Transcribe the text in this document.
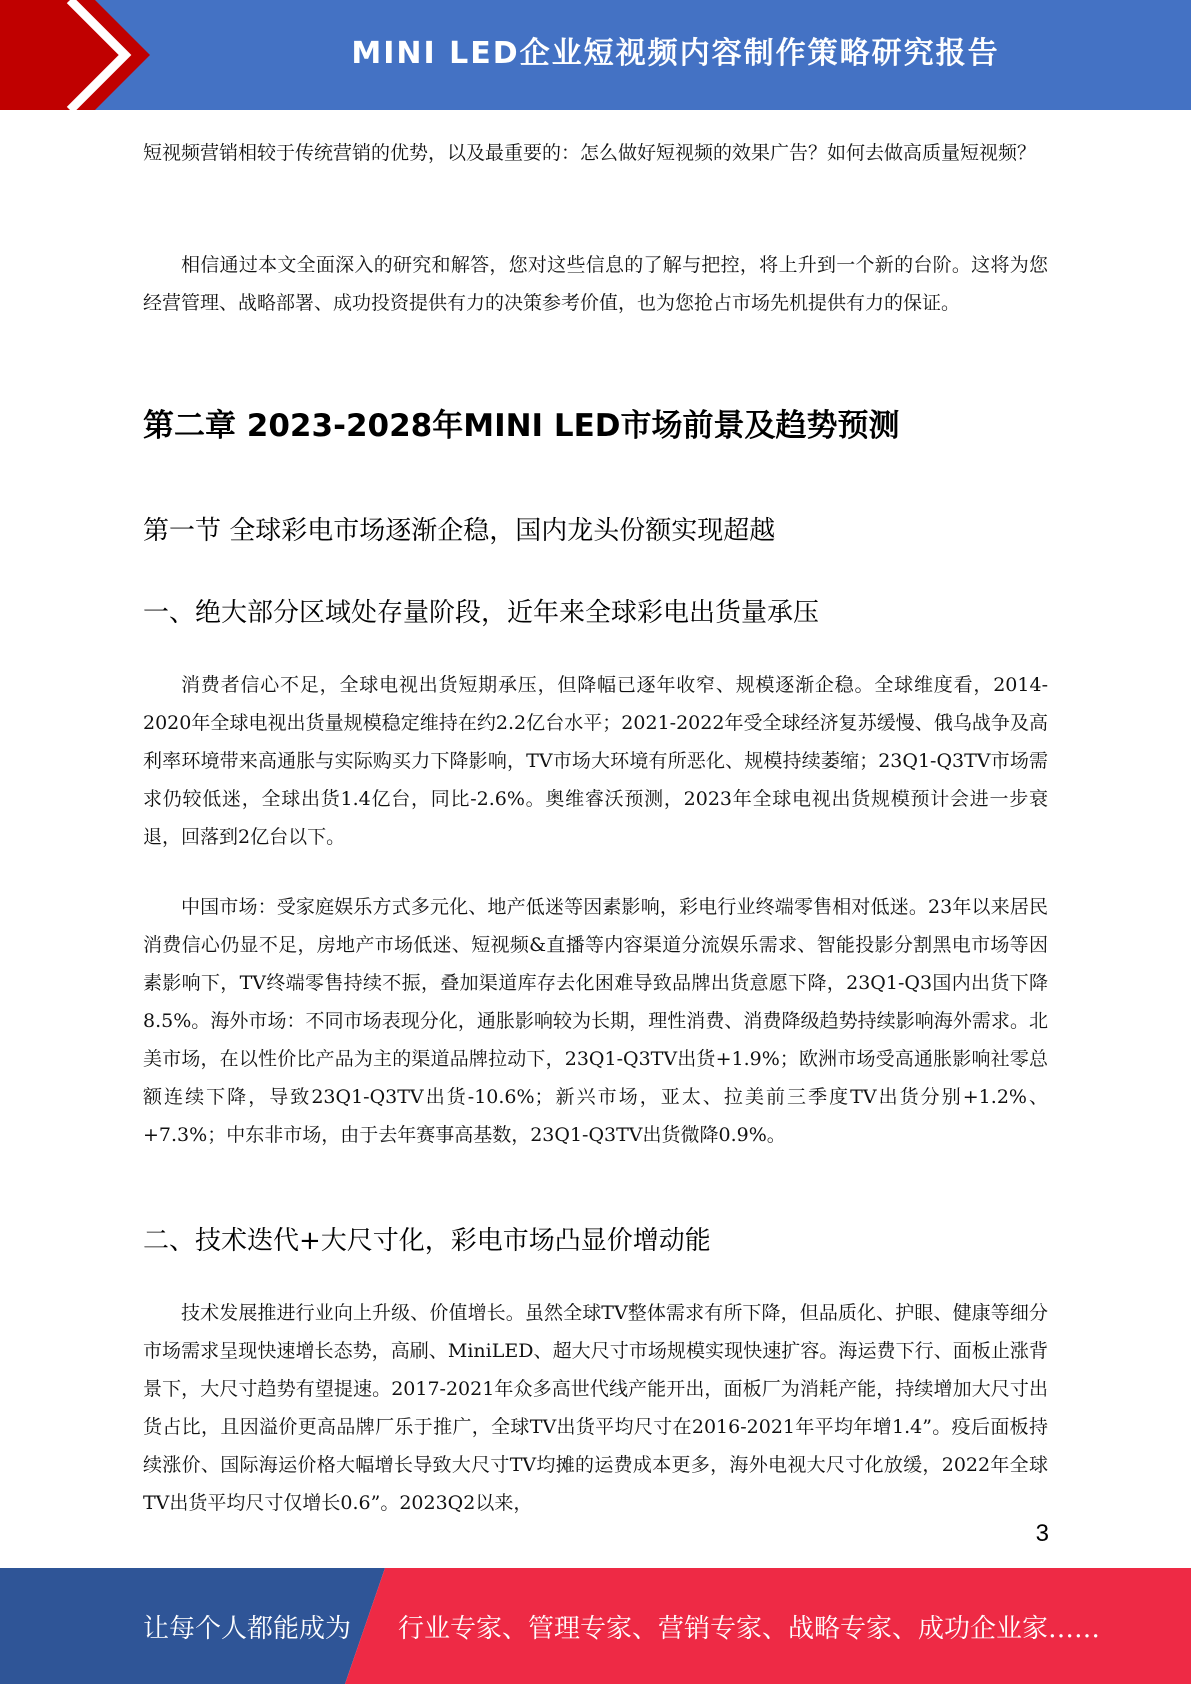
MINI LED企业短视频内容制作策略研究报告

短视频营销相较于传统营销的优势，以及最重要的：怎么做好短视频的效果广告？如何去做高质量短视频？

相信通过本文全面深入的研究和解答，您对这些信息的了解与把控，将上升到一个新的台阶。这将为您经营管理、战略部署、成功投资提供有力的决策参考价值，也为您抢占市场先机提供有力的保证。

第二章 2023-2028年MINI LED市场前景及趋势预测
第一节 全球彩电市场逐渐企稳，国内龙头份额实现超越
一、绝大部分区域处存量阶段，近年来全球彩电出货量承压

消费者信心不足，全球电视出货短期承压，但降幅已逐年收窄、规模逐渐企稳。全球维度看，2014-2020年全球电视出货量规模稳定维持在约2.2亿台水平；2021-2022年受全球经济复苏缓慢、俄乌战争及高利率环境带来高通胀与实际购买力下降影响，TV市场大环境有所恶化、规模持续萎缩；23Q1-Q3TV市场需求仍较低迷，全球出货1.4亿台，同比-2.6%。奥维睿沃预测，2023年全球电视出货规模预计会进一步衰退，回落到2亿台以下。

中国市场：受家庭娱乐方式多元化、地产低迷等因素影响，彩电行业终端零售相对低迷。23年以来居民消费信心仍显不足，房地产市场低迷、短视频&直播等内容渠道分流娱乐需求、智能投影分割黑电市场等因素影响下，TV终端零售持续不振，叠加渠道库存去化困难导致品牌出货意愿下降，23Q1-Q3国内出货下降8.5%。海外市场：不同市场表现分化，通胀影响较为长期，理性消费、消费降级趋势持续影响海外需求。北美市场，在以性价比产品为主的渠道品牌拉动下，23Q1-Q3TV出货+1.9%；欧洲市场受高通胀影响社零总额连续下降，导致23Q1-Q3TV出货-10.6%；新兴市场，亚太、拉美前三季度TV出货分别+1.2%、+7.3%；中东非市场，由于去年赛事高基数，23Q1-Q3TV出货微降0.9%。

二、技术迭代+大尺寸化，彩电市场凸显价增动能

技术发展推进行业向上升级、价值增长。虽然全球TV整体需求有所下降，但品质化、护眼、健康等细分市场需求呈现快速增长态势，高刷、MiniLED、超大尺寸市场规模实现快速扩容。海运费下行、面板止涨背景下，大尺寸趋势有望提速。2017-2021年众多高世代线产能开出，面板厂为消耗产能，持续增加大尺寸出货占比，且因溢价更高品牌厂乐于推广，全球TV出货平均尺寸在2016-2021年平均年增1.4”。疫后面板持续涨价、国际海运价格大幅增长导致大尺寸TV均摊的运费成本更多，海外电视大尺寸化放缓，2022年全球TV出货平均尺寸仅增长0.6”。2023Q2以来，

3
让每个人都能成为 行业专家、管理专家、营销专家、战略专家、成功企业家……
